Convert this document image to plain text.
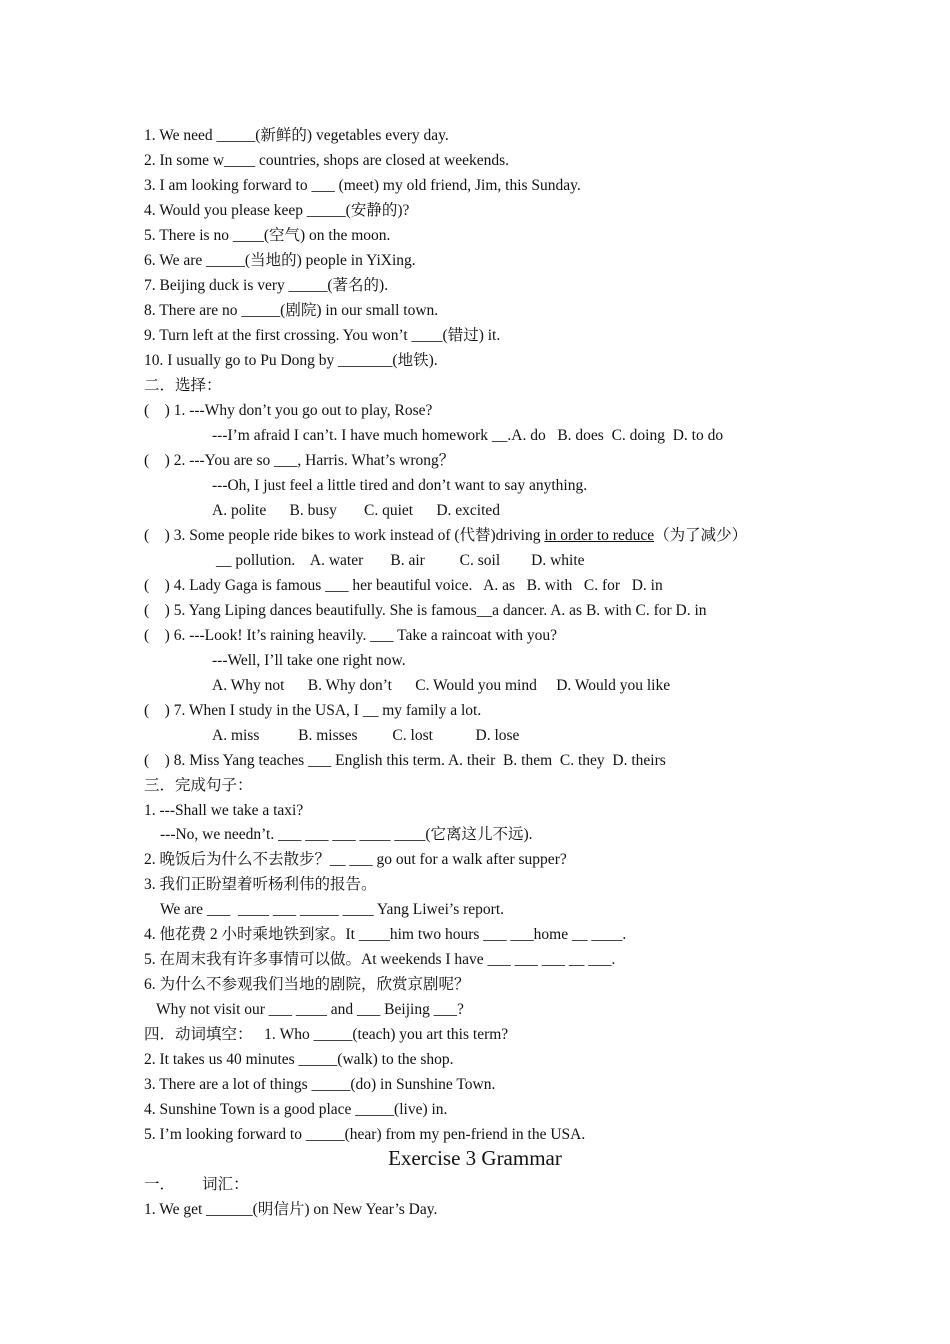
1. We need _____(新鲜的) vegetables every day.
2. In some w____ countries, shops are closed at weekends.
3. I am looking forward to ___ (meet) my old friend, Jim, this Sunday.
4. Would you please keep _____(安静的)?
5. There is no ____(空气) on the moon.
6. We are _____(当地的) people in YiXing.
7. Beijing duck is very _____(著名的).
8. There are no _____(剧院) in our small town.
9. Turn left at the first crossing. You won’t ____(错过) it.
10. I usually go to Pu Dong by _______(地铁).
二．选择：
(    ) 1. ---Why don’t you go out to play, Rose?
---I’m afraid I can’t. I have much homework __.A. do   B. does  C. doing  D. to do
(    ) 2. ---You are so ___, Harris. What’s wrong？
---Oh, I just feel a little tired and don’t want to say anything.
A. polite      B. busy       C. quiet      D. excited
(    ) 3. Some people ride bikes to work instead of (代替)driving in order to reduce（为了减少）
__ pollution.    A. water       B. air         C. soil        D. white
(    ) 4. Lady Gaga is famous ___ her beautiful voice.   A. as   B. with   C. for   D. in
(    ) 5. Yang Liping dances beautifully. She is famous__a dancer. A. as B. with C. for D. in
(    ) 6. ---Look! It’s raining heavily. ___ Take a raincoat with you?
---Well, I’ll take one right now.
A. Why not      B. Why don’t      C. Would you mind     D. Would you like
(    ) 7. When I study in the USA, I __ my family a lot.
A. miss          B. misses         C. lost           D. lose
(    ) 8. Miss Yang teaches ___ English this term. A. their  B. them  C. they  D. theirs
三．完成句子：
1. ---Shall we take a taxi?
---No, we needn’t. ___ ___ ___ ____ ____(它离这儿不远).
2. 晚饭后为什么不去散步？__ ___ go out for a walk after supper?
3. 我们正盼望着听杨利伟的报告。
We are ___  ____ ___ _____ ____ Yang Liwei’s report.
4. 他花费 2 小时乘地铁到家。It ____him two hours ___ ___home __ ____.
5. 在周末我有许多事情可以做。At weekends I have ___ ___ ___ __ ___.
6. 为什么不参观我们当地的剧院，欣赏京剧呢？
Why not visit our ___ ____ and ___ Beijing ___?
四．动词填空：   1. Who _____(teach) you art this term?
2. It takes us 40 minutes _____(walk) to the shop.
3. There are a lot of things _____(do) in Sunshine Town.
4. Sunshine Town is a good place _____(live) in.
5. I’m looking forward to _____(hear) from my pen-friend in the USA.
Exercise 3 Grammar
一．       词汇：
1. We get ______(明信片) on New Year’s Day.
